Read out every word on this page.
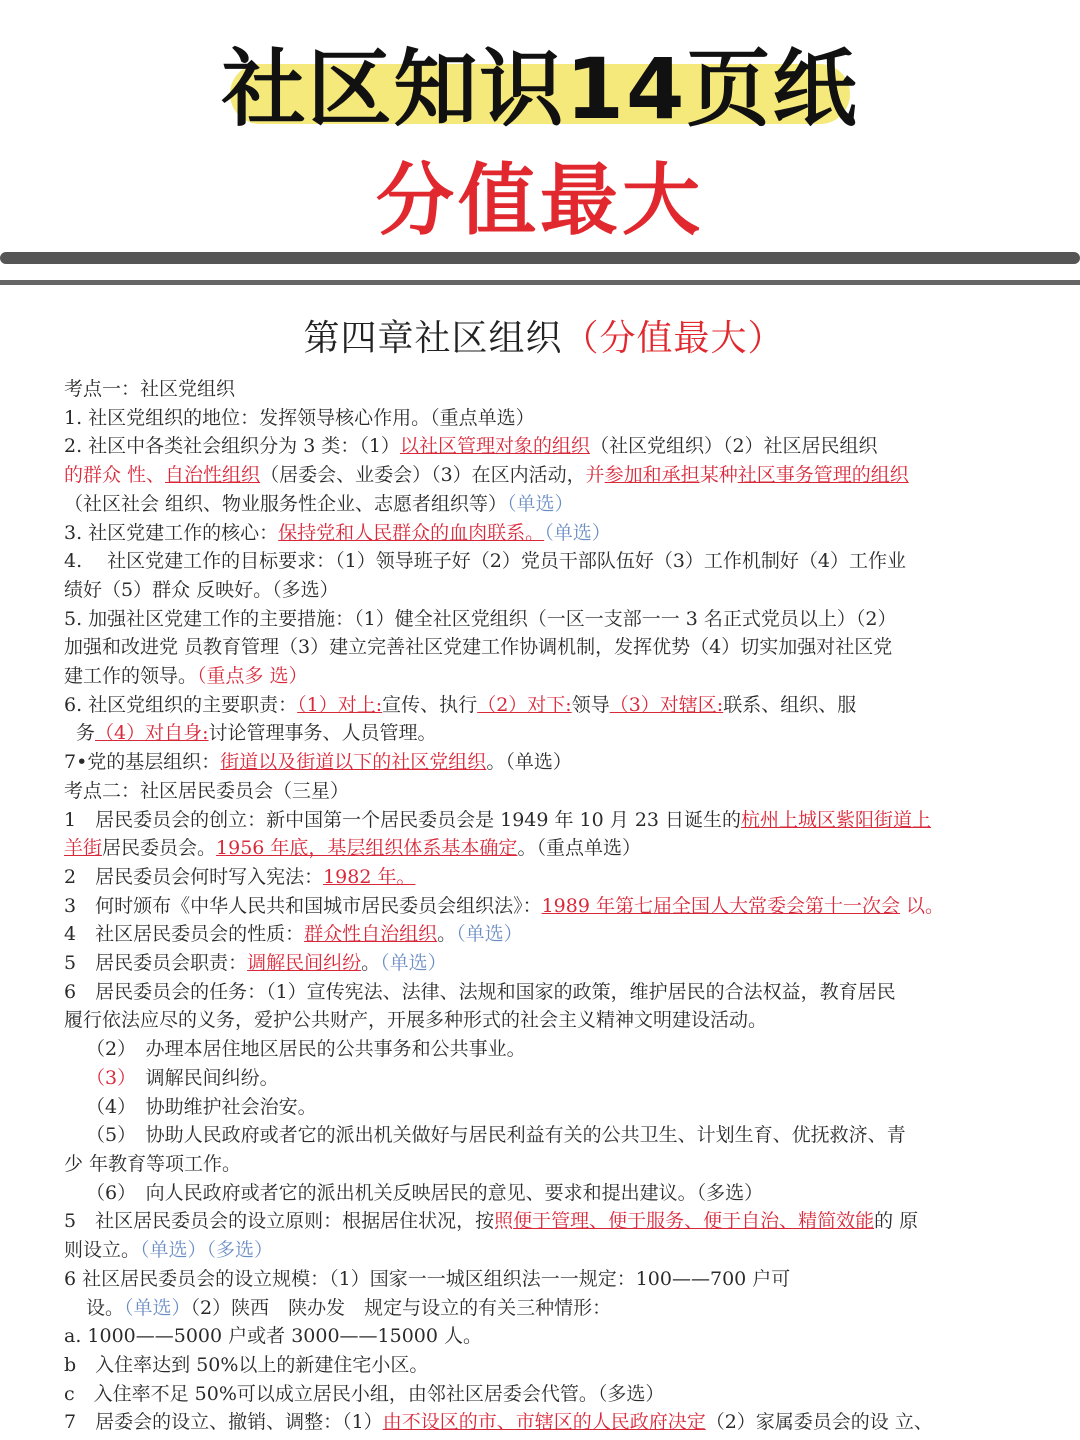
社区知识14页纸
分值最大
第四章社区组织（分值最大）
考点一：社区党组织
1. 社区党组织的地位：发挥领导核心作用。（重点单选）
2. 社区中各类社会组织分为 3 类：（1）以社区管理对象的组织（社区党组织）（2）社区居民组织
的群众 性、自治性组织（居委会、业委会）（3）在区内活动，并参加和承担某种社区事务管理的组织
（社区社会 组织、物业服务性企业、志愿者组织等）（单选）
3. 社区党建工作的核心：保持党和人民群众的血肉联系。（单选）
4.　 社区党建工作的目标要求：（1）领导班子好（2）党员干部队伍好（3）工作机制好（4）工作业
绩好（5）群众 反映好。（多选）
5. 加强社区党建工作的主要措施：（1）健全社区党组织（一区一支部一一 3 名正式党员以上）（2）
加强和改进党 员教育管理（3）建立完善社区党建工作协调机制，发挥优势（4）切实加强对社区党
建工作的领导。（重点多 选）
6. 社区党组织的主要职责：（1）对上:宣传、执行（2）对下:领导（3）对辖区:联系、组织、服
务（4）对自身:讨论管理事务、人员管理。
7•党的基层组织：街道以及街道以下的社区党组织。（单选）
考点二：社区居民委员会（三星）
1　居民委员会的创立：新中国第一个居民委员会是 1949 年 10 月 23 日诞生的杭州上城区紫阳街道上
羊街居民委员会。1956 年底，基层组织体系基本确定。（重点单选）
2　居民委员会何时写入宪法：1982 年。
3　何时颁布《中华人民共和国城市居民委员会组织法》：1989 年第七届全国人大常委会第十一次会 以。
4　社区居民委员会的性质：群众性自治组织。（单选）
5　居民委员会职责：调解民间纠纷。（单选）
6　居民委员会的任务：（1）宣传宪法、法律、法规和国家的政策，维护居民的合法权益，教育居民
履行依法应尽的义务，爱护公共财产，开展多种形式的社会主义精神文明建设活动。
（2）　办理本居住地区居民的公共事务和公共事业。
（3）　调解民间纠纷。
（4）　协助维护社会治安。
（5）　协助人民政府或者它的派出机关做好与居民利益有关的公共卫生、计划生育、优抚救济、青
少 年教育等项工作。
（6）　向人民政府或者它的派出机关反映居民的意见、要求和提出建议。（多选）
5　社区居民委员会的设立原则：根据居住状况，按照便于管理、便于服务、便于自治、精简效能的 原
则设立。（单选）（多选）
6 社区居民委员会的设立规模：（1）国家一一城区组织法一一规定：100——700 户可
设。（单选）（2）陕西　陕办发　规定与设立的有关三种情形：
a. 1000——5000 户或者 3000——15000 人。
b　入住率达到 50%以上的新建住宅小区。
c　入住率不足 50%可以成立居民小组，由邻社区居委会代管。（多选）
7　居委会的设立、撤销、调整：（1）由不设区的市、市辖区的人民政府决定（2）家属委员会的设 立、
